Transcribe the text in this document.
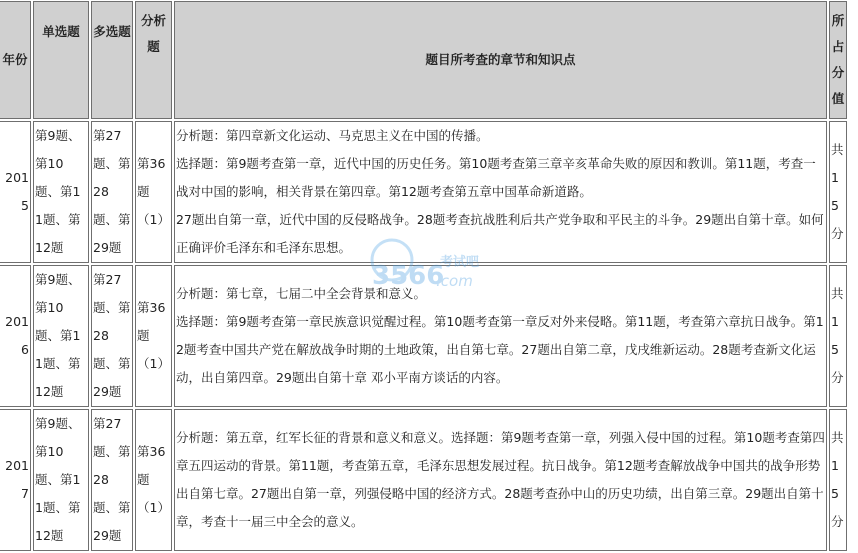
年份	单选题	多选题	分析题	题目所考查的章节和知识点	所占分值
2015	第9题、第10题、第11题、第12题	第27题、第28题、第29题	第36题（1）	分析题：第四章新文化运动、马克思主义在中国的传播。
选择题：第9题考查第一章，近代中国的历史任务。第10题考查第三章辛亥革命失败的原因和教训。第11题，考查一战对中国的影响，相关背景在第四章。第12题考查第五章中国革命新道路。
27题出自第一章，近代中国的反侵略战争。28题考查抗战胜利后共产党争取和平民主的斗争。29题出自第十章。如何正确评价毛泽东和毛泽东思想。	共15分
2016	第9题、第10题、第11题、第12题	第27题、第28题、第29题	第36题（1）	分析题：第七章，七届二中全会背景和意义。
选择题：第9题考查第一章民族意识觉醒过程。第10题考查第一章反对外来侵略。第11题，考查第六章抗日战争。第12题考查中国共产党在解放战争时期的土地政策，出自第七章。27题出自第二章，戊戌维新运动。28题考查新文化运动，出自第四章。29题出自第十章 邓小平南方谈话的内容。	共15分
2017	第9题、第10题、第11题、第12题	第27题、第28题、第29题	第36题（1）	分析题：第五章，红军长征的背景和意义和意义。选择题：第9题考查第一章，列强入侵中国的过程。第10题考查第四章五四运动的背景。第11题，考查第五章，毛泽东思想发展过程。抗日战争。第12题考查解放战争中国共的战争形势出自第七章。27题出自第一章，列强侵略中国的经济方式。28题考查孙中山的历史功绩，出自第三章。29题出自第十章，考查十一届三中全会的意义。	共15分
3566
考试吧
.com
